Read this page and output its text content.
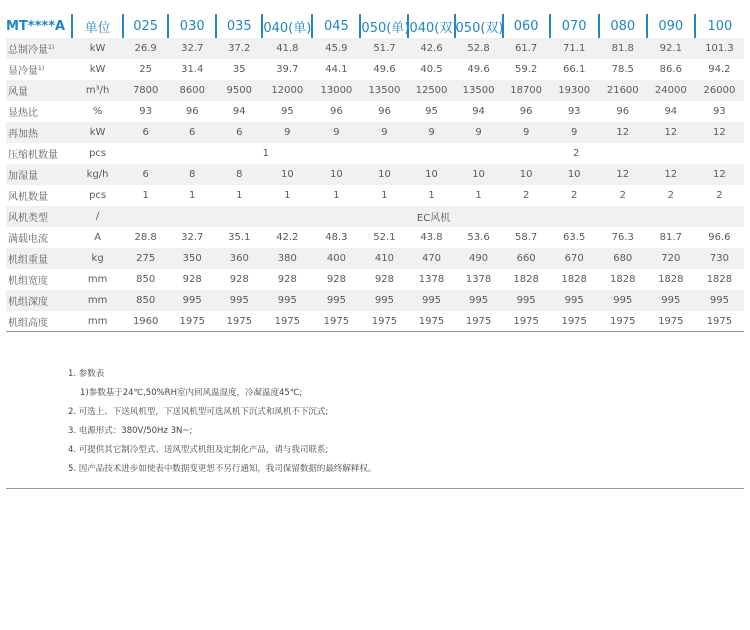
MT****A	单位	025	030	035	040(单)	045	050(单)	040(双)	050(双)	060	070	080	090	100
总制冷量$^{1)}$	kW	26.9	32.7	37.2	41.8	45.9	51.7	42.6	52.8	61.7	71.1	81.8	92.1	101.3
显冷量$^{1)}$	kW	25	31.4	35	39.7	44.1	49.6	40.5	49.6	59.2	66.1	78.5	86.6	94.2
风量	m³/h	7800	8600	9500	12000	13000	13500	12500	13500	18700	19300	21600	24000	26000
显热比	%	93	96	94	95	96	96	95	94	96	93	96	94	93
再加热	kW	6	6	6	9	9	9	9	9	9	9	12	12	12
压缩机数量	pcs	1						2						
加湿量	kg/h	6	8	8	10	10	10	10	10	10	10	12	12	12
风机数量	pcs	1	1	1	1	1	1	1	1	2	2	2	2	2
风机类型	/	EC风机												
满载电流	A	28.8	32.7	35.1	42.2	48.3	52.1	43.8	53.6	58.7	63.5	76.3	81.7	96.6
机组重量	kg	275	350	360	380	400	410	470	490	660	670	680	720	730
机组宽度	mm	850	928	928	928	928	928	1378	1378	1828	1828	1828	1828	1828
机组深度	mm	850	995	995	995	995	995	995	995	995	995	995	995	995
机组高度	mm	1960	1975	1975	1975	1975	1975	1975	1975	1975	1975	1975	1975	1975
1. 参数表
1)参数基于24℃,50%RH室内回风温湿度，冷凝温度45℃;
2. 可选上、下送风机型，下送风机型可选风机下沉式和风机不下沉式;
3. 电源形式：380V/50Hz 3N~;
4. 可提供其它制冷型式、送风型式机组及定制化产品，请与我司联系;
5. 因产品技术进步如使表中数据变更恕不另行通知，我司保留数据的最终解释权。
